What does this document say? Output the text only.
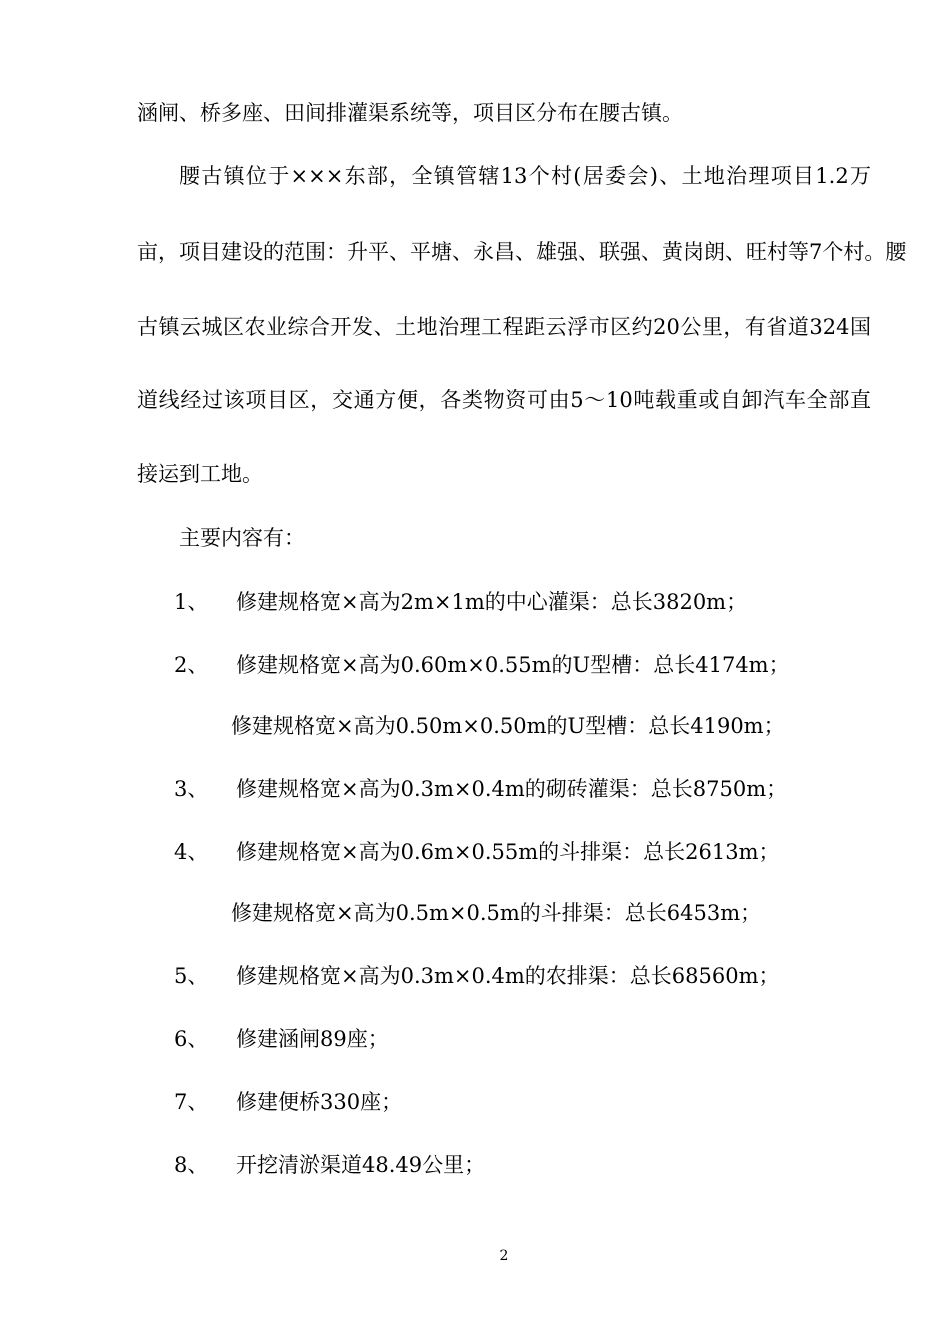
涵闸、桥多座、田间排灌渠系统等，项目区分布在腰古镇。
腰古镇位于×××东部，全镇管辖13个村(居委会)、土地治理项目1.2万
亩，项目建设的范围：升平、平塘、永昌、雄强、联强、黄岗朗、旺村等7个村。腰
古镇云城区农业综合开发、土地治理工程距云浮市区约20公里，有省道324国
道线经过该项目区，交通方便，各类物资可由5～10吨载重或自卸汽车全部直
接运到工地。
主要内容有：
1、 修建规格宽×高为2m×1m的中心灌渠：总长3820m；
2、 修建规格宽×高为0.60m×0.55m的U型槽：总长4174m；
修建规格宽×高为0.50m×0.50m的U型槽：总长4190m；
3、 修建规格宽×高为0.3m×0.4m的砌砖灌渠：总长8750m；
4、 修建规格宽×高为0.6m×0.55m的斗排渠：总长2613m；
修建规格宽×高为0.5m×0.5m的斗排渠：总长6453m；
5、 修建规格宽×高为0.3m×0.4m的农排渠：总长68560m；
6、 修建涵闸89座；
7、 修建便桥330座；
8、 开挖清淤渠道48.49公里；
2
